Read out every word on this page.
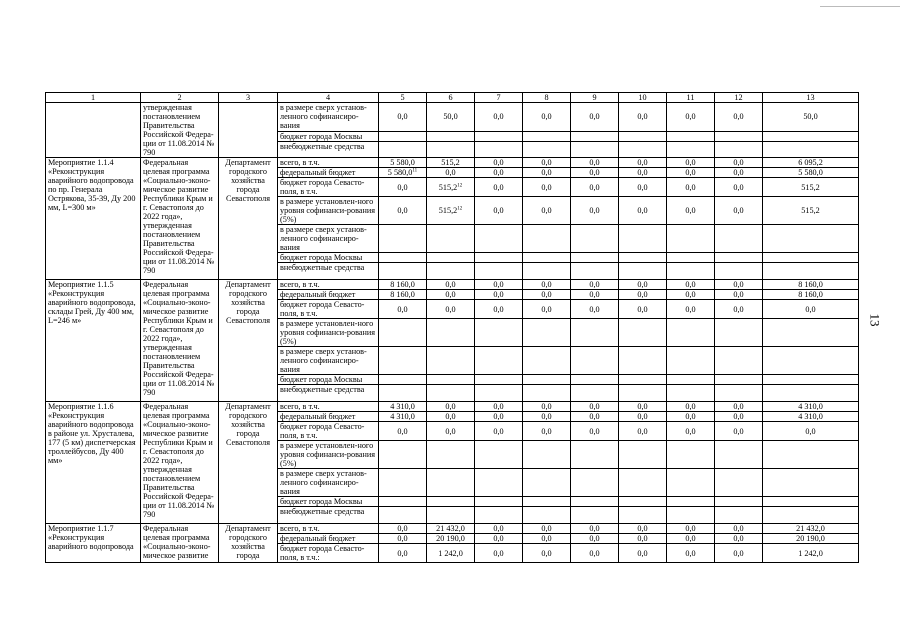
13
1	2	3	4	5	6	7	8	9	10	11	12	13
	утвержденная постановлением Правительства Российской Федера-ции от 11.08.2014 № 790		в размере сверх установ-ленного софинансиро-вания	0,0	50,0	0,0	0,0	0,0	0,0	0,0	0,0	50,0
			бюджет города Москвы									
			внебюджетные средства									
Мероприятие 1.1.4 «Реконструкция аварийного водопровода по пр. Генерала Острякова, 35-39, Ду 200 мм, L=300 м»	Федеральная целевая программа «Социально-эконо-мическое развитие Республики Крым и г. Севастополя до 2022 года», утвержденная постановлением Правительства Российской Федера-ции от 11.08.2014 № 790	Департамент городского хозяйства города Севастополя	всего, в т.ч.	5 580,0	515,2	0,0	0,0	0,0	0,0	0,0	0,0	6 095,2
			федеральный бюджет	5 580,0$^{11}$	0,0	0,0	0,0	0,0	0,0	0,0	0,0	5 580,0
			бюджет города Севасто-поля, в т.ч.	0,0	515,2$^{12}$	0,0	0,0	0,0	0,0	0,0	0,0	515,2
			в размере установлен-ного уровня софинанси-рования (5%)	0,0	515,2$^{12}$	0,0	0,0	0,0	0,0	0,0	0,0	515,2
			в размере сверх установ-ленного софинансиро-вания									
			бюджет города Москвы									
			внебюджетные средства									
Мероприятие 1.1.5 «Реконструкция аварийного водопровода, склады Грей, Ду 400 мм, L=246 м»	Федеральная целевая программа «Социально-эконо-мическое развитие Республики Крым и г. Севастополя до 2022 года», утвержденная постановлением Правительства Российской Федера-ции от 11.08.2014 № 790	Департамент городского хозяйства города Севастополя	всего, в т.ч.	8 160,0	0,0	0,0	0,0	0,0	0,0	0,0	0,0	8 160,0
			федеральный бюджет	8 160,0	0,0	0,0	0,0	0,0	0,0	0,0	0,0	8 160,0
			бюджет города Севасто-поля, в т.ч.	0,0	0,0	0,0	0,0	0,0	0,0	0,0	0,0	0,0
			в размере установлен-ного уровня софинанси-рования (5%)									
			в размере сверх установ-ленного софинансиро-вания									
			бюджет города Москвы									
			внебюджетные средства									
Мероприятие 1.1.6 «Реконструкция аварийного водопровода в районе ул. Хрусталева, 177 (5 км) диспетчерская троллейбусов, Ду 400 мм»	Федеральная целевая программа «Социально-эконо-мическое развитие Республики Крым и г. Севастополя до 2022 года», утвержденная постановлением Правительства Российской Федера-ции от 11.08.2014 № 790	Департамент городского хозяйства города Севастополя	всего, в т.ч.	4 310,0	0,0	0,0	0,0	0,0	0,0	0,0	0,0	4 310,0
			федеральный бюджет	4 310,0	0,0	0,0	0,0	0,0	0,0	0,0	0,0	4 310,0
			бюджет города Севасто-поля, в т.ч.	0,0	0,0	0,0	0,0	0,0	0,0	0,0	0,0	0,0
			в размере установлен-ного уровня софинанси-рования (5%)									
			в размере сверх установ-ленного софинансиро-вания									
			бюджет города Москвы									
			внебюджетные средства									
Мероприятие 1.1.7 «Реконструкция аварийного водопровода	Федеральная целевая программа «Социально-эконо-мическое развитие	Департамент городского хозяйства города	всего, в т.ч.	0,0	21 432,0	0,0	0,0	0,0	0,0	0,0	0,0	21 432,0
			федеральный бюджет	0,0	20 190,0	0,0	0,0	0,0	0,0	0,0	0,0	20 190,0
			бюджет города Севасто-поля, в т.ч.:	0,0	1 242,0	0,0	0,0	0,0	0,0	0,0	0,0	1 242,0
